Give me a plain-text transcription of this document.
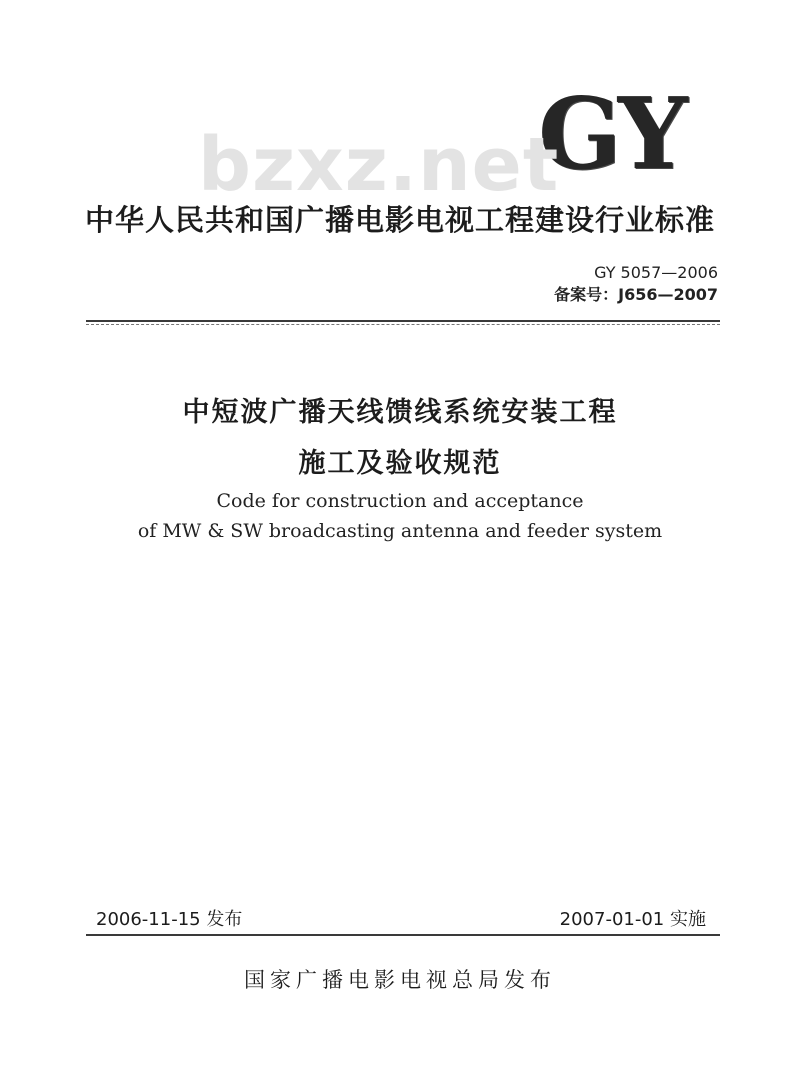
GY
bzxz.net
中华人民共和国广播电影电视工程建设行业标准
GY 5057—2006
备案号：J656—2007
中短波广播天线馈线系统安装工程
施工及验收规范
Code for construction and acceptance
of MW & SW broadcasting antenna and feeder system
2006-11-15 发布	2007-01-01 实施
国家广播电影电视总局发布
